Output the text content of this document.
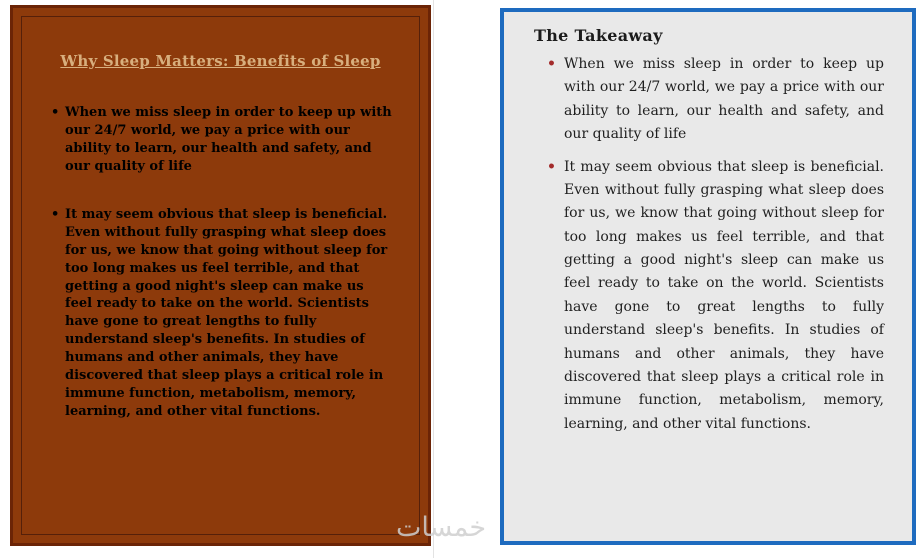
Why Sleep Matters: Benefits of Sleep
• When we miss sleep in order to keep up with our 24/7 world, we pay a price with our ability to learn, our health and safety, and our quality of life
• It may seem obvious that sleep is beneficial. Even without fully grasping what sleep does for us, we know that going without sleep for too long makes us feel terrible, and that getting a good night's sleep can make us feel ready to take on the world. Scientists have gone to great lengths to fully understand sleep's benefits. In studies of humans and other animals, they have discovered that sleep plays a critical role in immune function, metabolism, memory, learning, and other vital functions.
The Takeaway
• When we miss sleep in order to keep up with our 24/7 world, we pay a price with our ability to learn, our health and safety, and our quality of life
• It may seem obvious that sleep is beneficial. Even without fully grasping what sleep does for us, we know that going without sleep for too long makes us feel terrible, and that getting a good night's sleep can make us feel ready to take on the world. Scientists have gone to great lengths to fully understand sleep's benefits. In studies of humans and other animals, they have discovered that sleep plays a critical role in immune function, metabolism, memory, learning, and other vital functions.
خمسات
